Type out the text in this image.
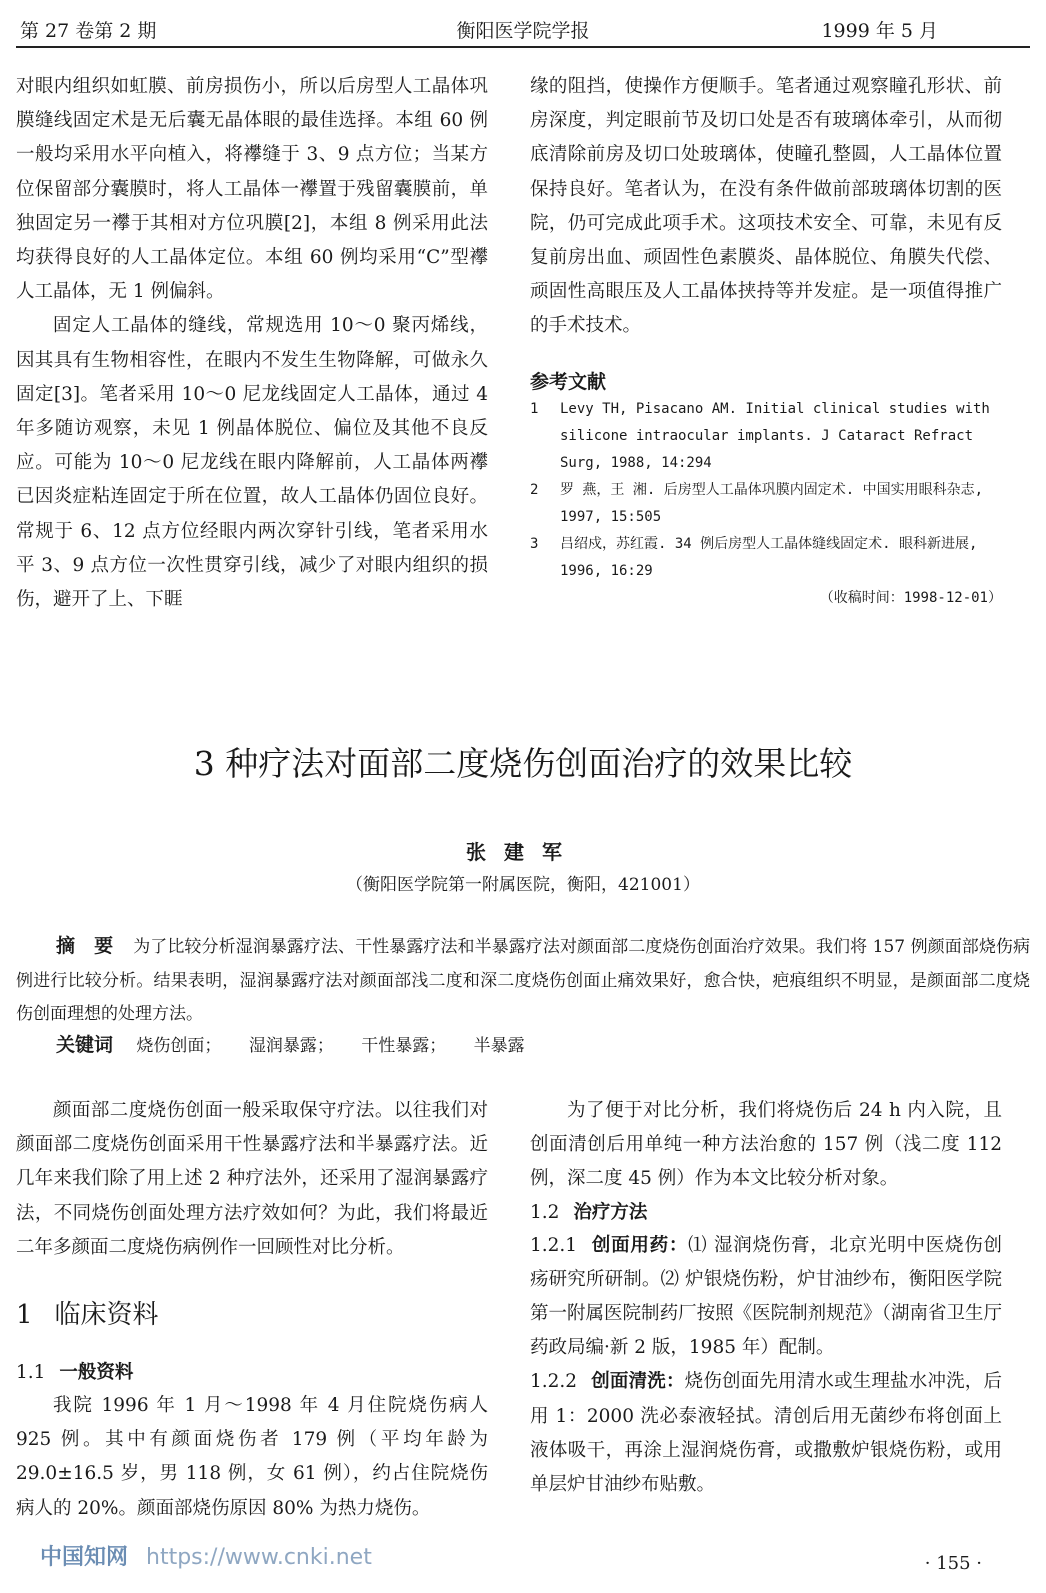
第 27 卷第 2 期	衡阳医学院学报	1999 年 5 月

对眼内组织如虹膜、前房损伤小，所以后房型人工晶体巩膜缝线固定术是无后囊无晶体眼的最佳选择。本组 60 例一般均采用水平向植入，将襻缝于 3、9 点方位；当某方位保留部分囊膜时，将人工晶体一襻置于残留囊膜前，单独固定另一襻于其相对方位巩膜[2]，本组 8 例采用此法均获得良好的人工晶体定位。本组 60 例均采用“C”型襻人工晶体，无 1 例偏斜。

固定人工晶体的缝线，常规选用 10～0 聚丙烯线，因其具有生物相容性，在眼内不发生生物降解，可做永久固定[3]。笔者采用 10～0 尼龙线固定人工晶体，通过 4 年多随访观察，未见 1 例晶体脱位、偏位及其他不良反应。可能为 10～0 尼龙线在眼内降解前，人工晶体两襻已因炎症粘连固定于所在位置，故人工晶体仍固位良好。常规于 6、12 点方位经眼内两次穿针引线，笔者采用水平 3、9 点方位一次性贯穿引线，减少了对眼内组织的损伤，避开了上、下睚

缘的阻挡，使操作方便顺手。笔者通过观察瞳孔形状、前房深度，判定眼前节及切口处是否有玻璃体牵引，从而彻底清除前房及切口处玻璃体，使瞳孔整圆，人工晶体位置保持良好。笔者认为，在没有条件做前部玻璃体切割的医院，仍可完成此项手术。这项技术安全、可靠，未见有反复前房出血、顽固性色素膜炎、晶体脱位、角膜失代偿、顽固性高眼压及人工晶体挟持等并发症。是一项值得推广的手术技术。

参考文献

1 Levy TH, Pisacano AM. Initial clinical studies with silicone intraocular implants. J Cataract Refract Surg, 1988, 14:294
2 罗 燕，王 湘. 后房型人工晶体巩膜内固定术. 中国实用眼科杂志, 1997, 15:505
3 吕绍戍，苏红霞. 34 例后房型人工晶体缝线固定术. 眼科新进展, 1996, 16:29
（收稿时间：1998-12-01）
3 种疗法对面部二度烧伤创面治疗的效果比较
张建军
（衡阳医学院第一附属医院，衡阳，421001）
摘　要 为了比较分析湿润暴露疗法、干性暴露疗法和半暴露疗法对颜面部二度烧伤创面治疗效果。我们将 157 例颜面部烧伤病例进行比较分析。结果表明，湿润暴露疗法对颜面部浅二度和深二度烧伤创面止痛效果好，愈合快，疤痕组织不明显，是颜面部二度烧伤创面理想的处理方法。
关键词 烧伤创面； 湿润暴露； 干性暴露； 半暴露

颜面部二度烧伤创面一般采取保守疗法。以往我们对颜面部二度烧伤创面采用干性暴露疗法和半暴露疗法。近几年来我们除了用上述 2 种疗法外，还采用了湿润暴露疗法，不同烧伤创面处理方法疗效如何？为此，我们将最近二年多颜面二度烧伤病例作一回顾性对比分析。

1 临床资料
1.1 一般资料

我院 1996 年 1 月～1998 年 4 月住院烧伤病人 925 例。其中有颜面烧伤者 179 例（平均年龄为 29.0±16.5 岁，男 118 例，女 61 例），约占住院烧伤病人的 20%。颜面部烧伤原因 80% 为热力烧伤。

为了便于对比分析，我们将烧伤后 24 h 内入院，且创面清创后用单纯一种方法治愈的 157 例（浅二度 112 例，深二度 45 例）作为本文比较分析对象。

1.2 治疗方法

1.2.1 创面用药：⑴ 湿润烧伤膏，北京光明中医烧伤创疡研究所研制。⑵ 炉银烧伤粉，炉甘油纱布，衡阳医学院第一附属医院制药厂按照《医院制剂规范》（湖南省卫生厅药政局编·新 2 版，1985 年）配制。

1.2.2 创面清洗：烧伤创面先用清水或生理盐水冲洗，后用 1：2000 洗必泰液轻拭。清创后用无菌纱布将创面上液体吸干，再涂上湿润烧伤膏，或撒敷炉银烧伤粉，或用单层炉甘油纱布贴敷。

中国知网 https://www.cnki.net	· 155 ·
